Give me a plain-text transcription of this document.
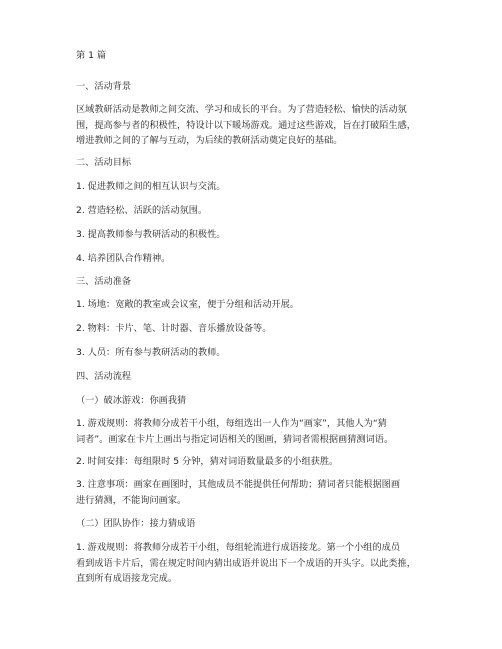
第 1 篇
一、活动背景
区域教研活动是教师之间交流、学习和成长的平台。为了营造轻松、愉快的活动氛
围，提高参与者的积极性，特设计以下暖场游戏。通过这些游戏，旨在打破陌生感，
增进教师之间的了解与互动，为后续的教研活动奠定良好的基础。
二、活动目标
1. 促进教师之间的相互认识与交流。
2. 营造轻松、活跃的活动氛围。
3. 提高教师参与教研活动的积极性。
4. 培养团队合作精神。
三、活动准备
1. 场地：宽敞的教室或会议室，便于分组和活动开展。
2. 物料：卡片、笔、计时器、音乐播放设备等。
3. 人员：所有参与教研活动的教师。
四、活动流程
（一）破冰游戏：你画我猜
1. 游戏规则：将教师分成若干小组，每组选出一人作为“画家”，其他人为“猜
词者”。画家在卡片上画出与指定词语相关的图画，猜词者需根据画猜测词语。
2. 时间安排：每组限时 5 分钟，猜对词语数量最多的小组获胜。
3. 注意事项：画家在画图时，其他成员不能提供任何帮助；猜词者只能根据图画
进行猜测，不能询问画家。
（二）团队协作：接力猜成语
1. 游戏规则：将教师分成若干小组，每组轮流进行成语接龙。第一个小组的成员
看到成语卡片后，需在规定时间内猜出成语并说出下一个成语的开头字。以此类推，
直到所有成语接龙完成。
